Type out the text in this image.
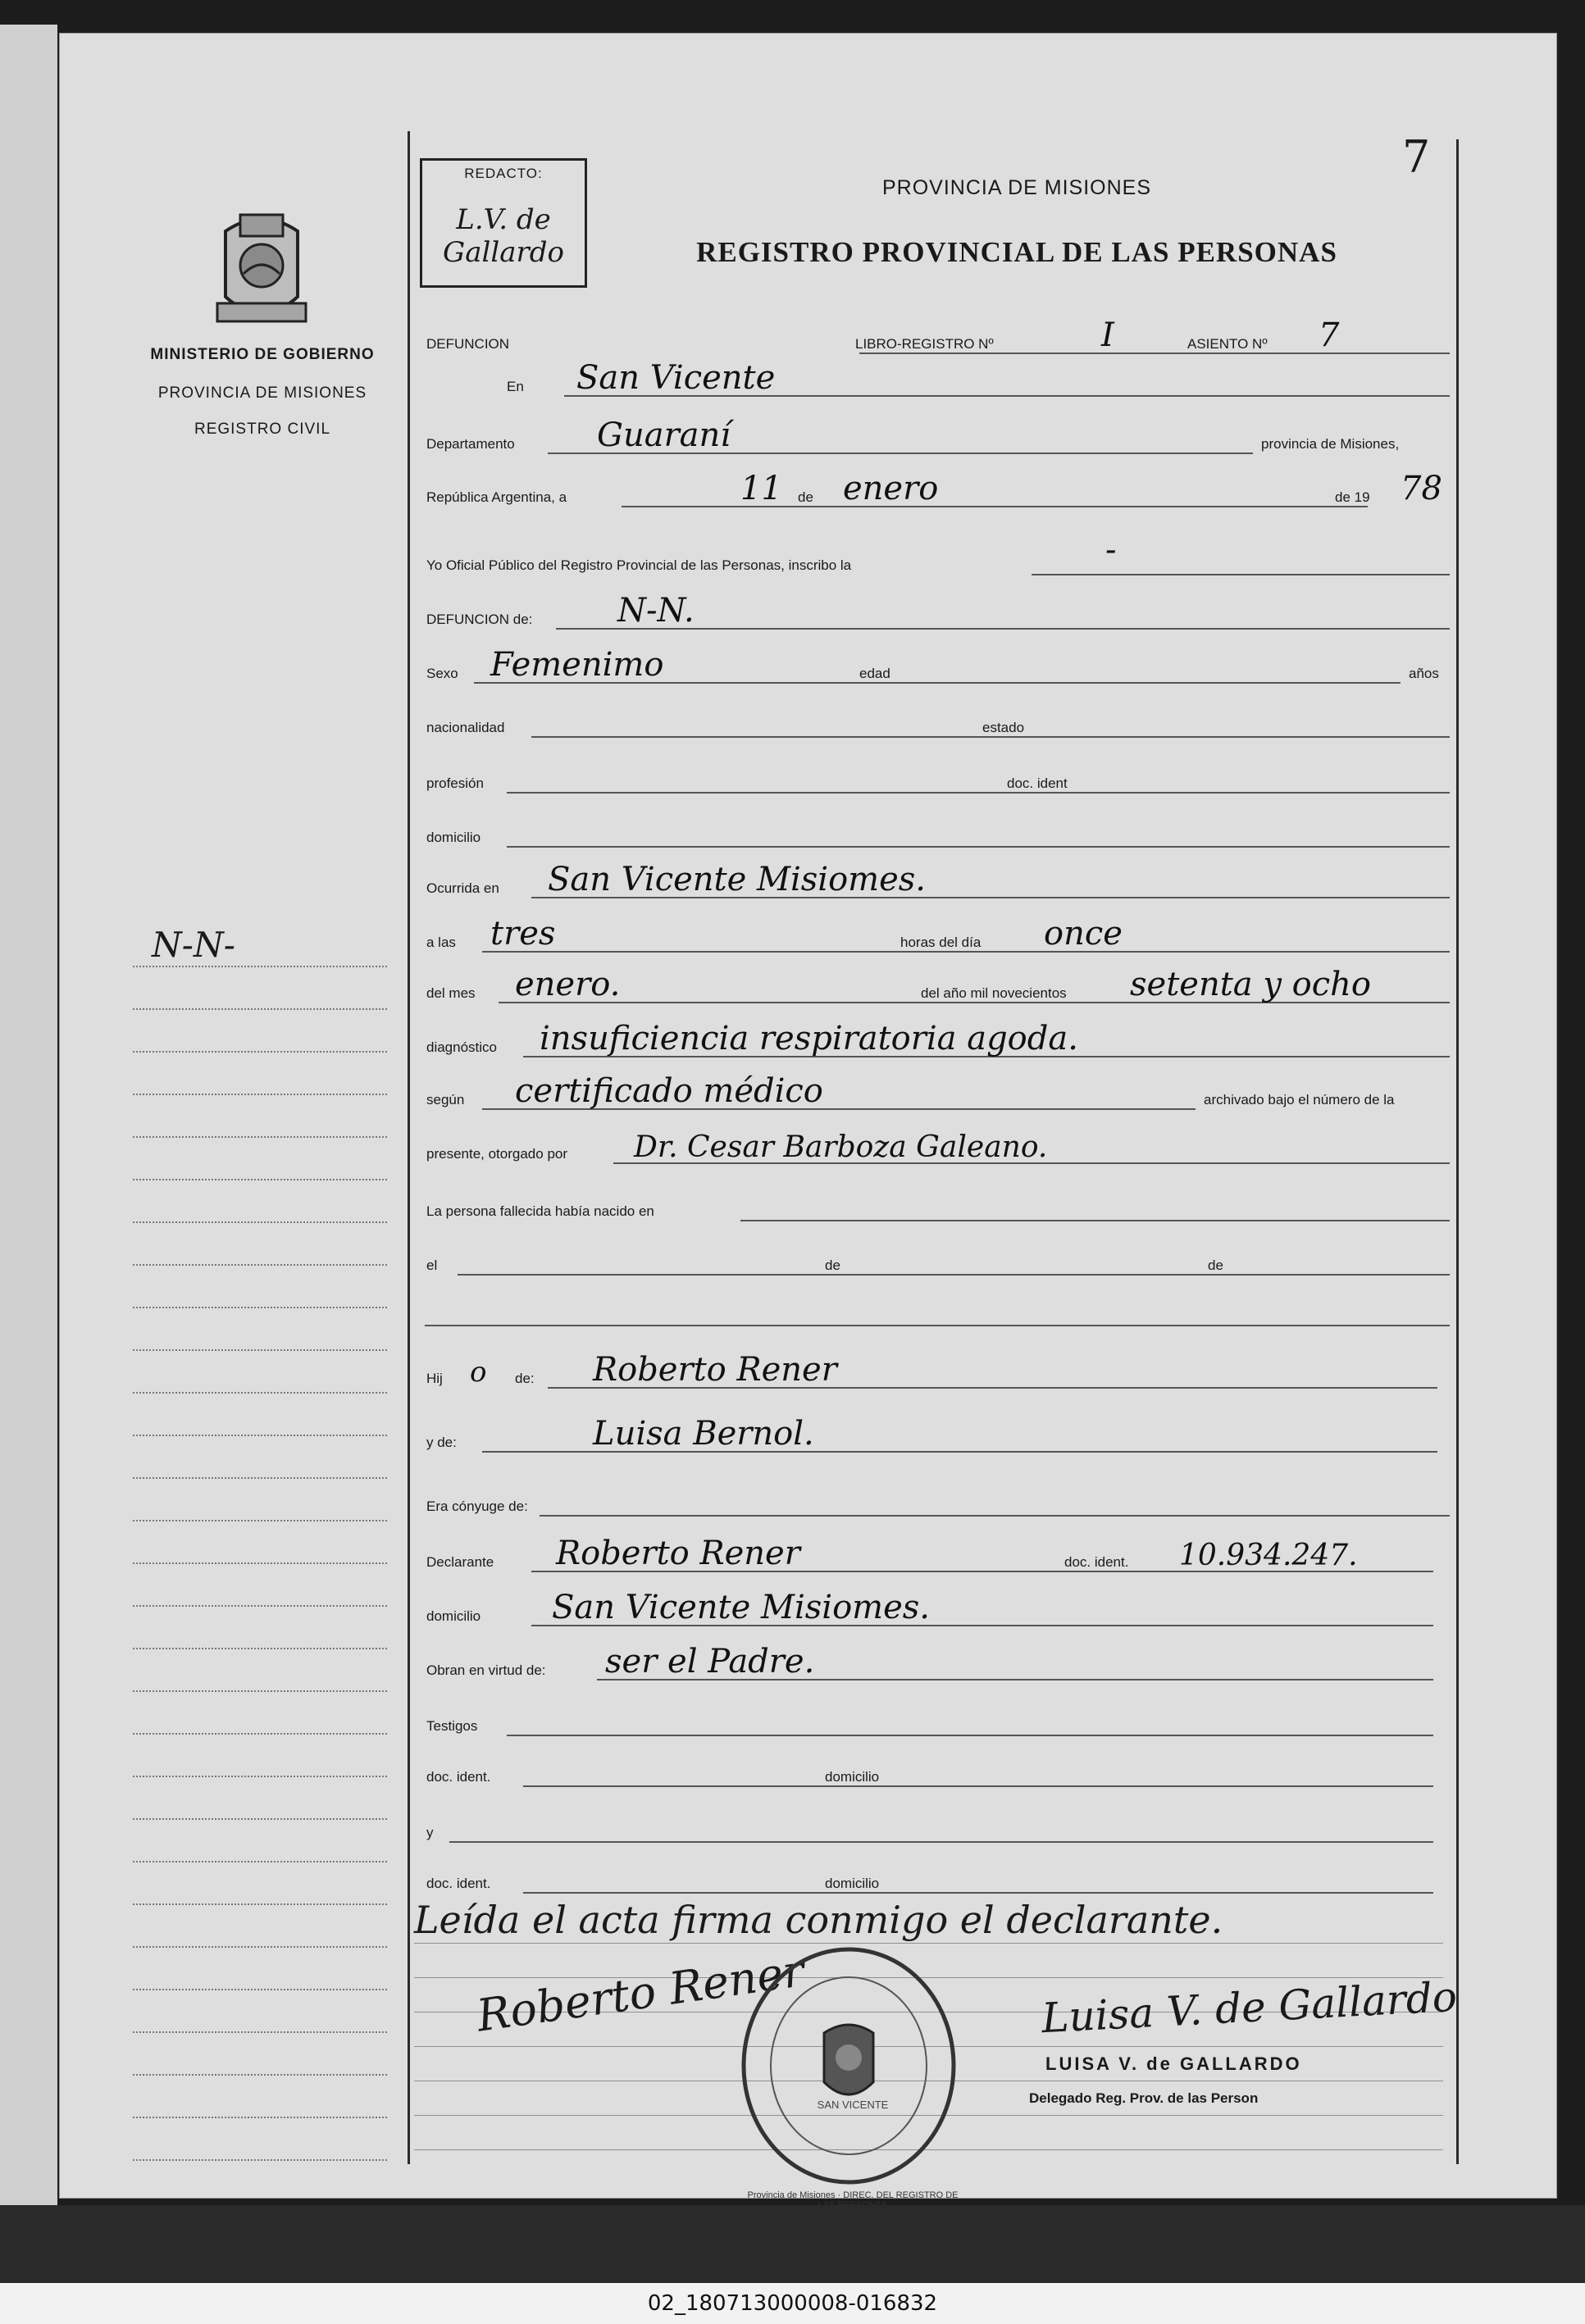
7
REDACTO:
L.V. de Gallardo
PROVINCIA DE MISIONES
REGISTRO PROVINCIAL DE LAS PERSONAS
MINISTERIO DE GOBIERNO
PROVINCIA DE MISIONES
REGISTRO CIVIL
N-N-
DEFUNCION	LIBRO-REGISTRO Nº	I	ASIENTO Nº 7
En San Vicente
Departamento	Guaraní	provincia de Misiones,
República Argentina, a	11 de enero	de 19 78
Yo Oficial Público del Registro Provincial de las Personas, inscribo la	-
DEFUNCION de:	N-N.
Sexo Femenimo	edad	años
nacionalidad	estado
profesión	doc. ident
domicilio
Ocurrida en San Vicente Misiomes.
a las tres	horas del día once
del mes enero.	del año mil novecientos setenta y ocho
diagnóstico insuficiencia respiratoria agoda.
según certificado médico	archivado bajo el número de la
presente, otorgado por Dr. Cesar Barboza Galeano.
La persona fallecida había nacido en
el	de	de
Hij o de: Roberto Rener
y de:	Luisa Bernol.
Era cónyuge de:
Declarante Roberto Rener	doc. ident. 10.934.247.
domicilio San Vicente Misiomes.
Obran en virtud de: ser el Padre.
Testigos
doc. ident.	domicilio
y
doc. ident.	domicilio
Leída el acta firma conmigo el declarante.
Roberto Rener
Provincia de Misiones · DIREC. DEL REGISTRO DE
SAN VICENTE
Luisa V. de Gallardo
LUISA V. de GALLARDO
Delegado Reg. Prov. de las Person
02_180713000008-016832
